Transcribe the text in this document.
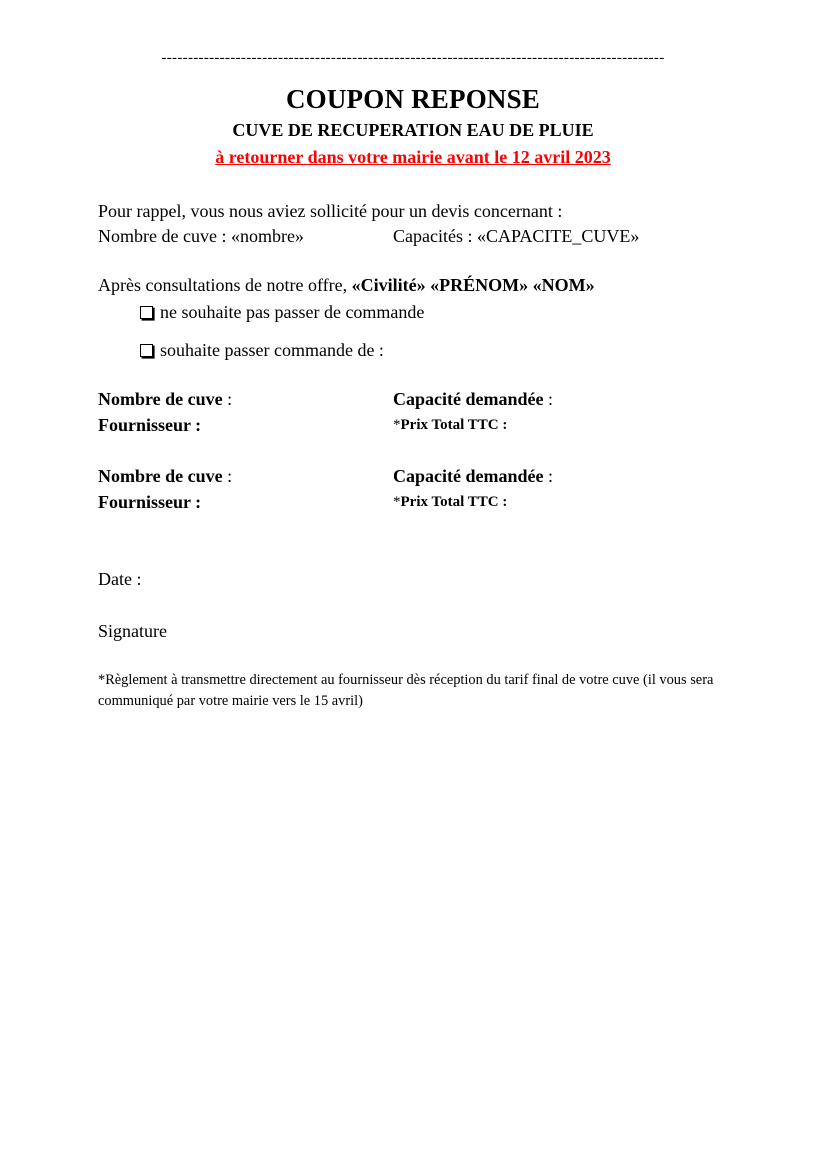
-----------------------------------------------------------------------------------------------
COUPON REPONSE
CUVE DE RECUPERATION EAU DE PLUIE
à retourner dans votre mairie avant le 12 avril 2023
Pour rappel, vous nous aviez sollicité pour un devis concernant :
Nombre de cuve : «nombre»	Capacités : «CAPACITE_CUVE»
Après consultations de notre offre, «Civilité» «PRÉNOM» «NOM»
ne souhaite pas passer de commande
souhaite passer commande de :
Nombre de cuve :	Capacité demandée :
Fournisseur :	*Prix Total TTC :
Nombre de cuve :	Capacité demandée :
Fournisseur :	*Prix Total TTC :
Date :
Signature
*Règlement à transmettre directement au fournisseur dès réception du tarif final de votre cuve (il vous sera communiqué par votre mairie vers le 15 avril)
